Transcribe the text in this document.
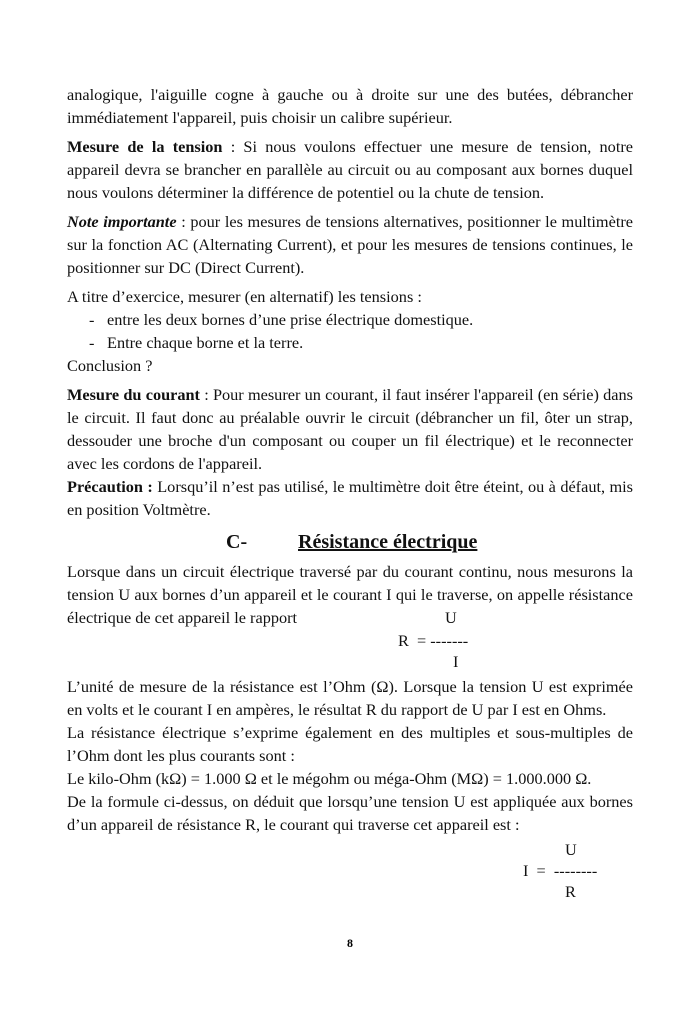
analogique, l'aiguille cogne à gauche ou à droite sur une des butées, débrancher immédiatement l'appareil, puis choisir un calibre supérieur.

Mesure de la tension : Si nous voulons effectuer une mesure de tension, notre appareil devra se brancher en parallèle au circuit ou au composant aux bornes duquel nous voulons déterminer la différence de potentiel ou la chute de tension.

Note importante : pour les mesures de tensions alternatives, positionner le multimètre sur la fonction AC (Alternating Current), et pour les mesures de tensions continues, le positionner sur DC (Direct Current).

A titre d’exercice, mesurer (en alternatif) les tensions :

- entre les deux bornes d’une prise électrique domestique.
- Entre chaque borne et la terre.

Conclusion ?

Mesure du courant : Pour mesurer un courant, il faut insérer l'appareil (en série) dans le circuit. Il faut donc au préalable ouvrir le circuit (débrancher un fil, ôter un strap, dessouder une broche d'un composant ou couper un fil électrique) et le reconnecter avec les cordons de l'appareil.

Précaution : Lorsqu’il n’est pas utilisé, le multimètre doit être éteint, ou à défaut, mis en position Voltmètre.

C-	Résistance électrique

Lorsque dans un circuit électrique traversé par du courant continu, nous mesurons la tension U aux bornes d’un appareil et le courant I qui le traverse, on appelle résistance électrique de cet appareil le rapport	U
R  = -------
I

L’unité de mesure de la résistance est l’Ohm (Ω). Lorsque la tension U est exprimée en volts et le courant I en ampères, le résultat R du rapport de U par I est en Ohms.

La résistance électrique s’exprime également en des multiples et sous-multiples de l’Ohm dont les plus courants sont :

Le kilo-Ohm (kΩ) = 1.000 Ω et le mégohm ou méga-Ohm (MΩ) = 1.000.000 Ω.

De la formule ci-dessus, on déduit que lorsqu’une tension U est appliquée aux bornes d’un appareil de résistance R, le courant qui traverse cet appareil est :

U
I  =  --------
R
8
